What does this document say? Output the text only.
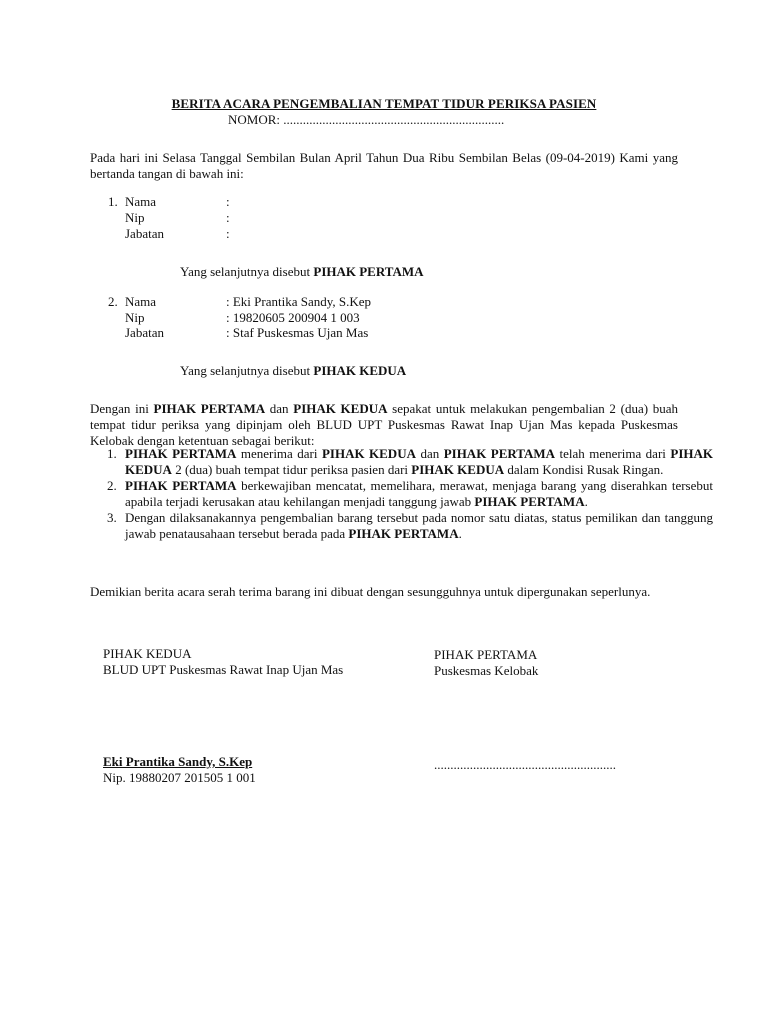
BERITA ACARA PENGEMBALIAN TEMPAT TIDUR PERIKSA PASIEN
NOMOR: ....................................................................
Pada hari ini Selasa Tanggal Sembilan Bulan April Tahun Dua Ribu Sembilan Belas (09-04-2019) Kami yang bertanda tangan di bawah ini:
1. Nama	:
Nip	:
Jabatan	:
Yang selanjutnya disebut PIHAK PERTAMA
2. Nama	: Eki Prantika Sandy, S.Kep
Nip	: 19820605 200904 1 003
Jabatan	: Staf Puskesmas Ujan Mas
Yang selanjutnya disebut PIHAK KEDUA
Dengan ini PIHAK PERTAMA dan PIHAK KEDUA sepakat untuk melakukan pengembalian 2 (dua) buah tempat tidur periksa yang dipinjam oleh BLUD UPT Puskesmas Rawat Inap Ujan Mas kepada Puskesmas Kelobak dengan ketentuan sebagai berikut:
1. PIHAK PERTAMA menerima dari PIHAK KEDUA dan PIHAK PERTAMA telah menerima dari PIHAK KEDUA 2 (dua) buah tempat tidur periksa pasien dari PIHAK KEDUA dalam Kondisi Rusak Ringan.
2. PIHAK PERTAMA berkewajiban mencatat, memelihara, merawat, menjaga barang yang diserahkan tersebut apabila terjadi kerusakan atau kehilangan menjadi tanggung jawab PIHAK PERTAMA.
3. Dengan dilaksanakannya pengembalian barang tersebut pada nomor satu diatas, status pemilikan dan tanggung jawab penatausahaan tersebut berada pada PIHAK PERTAMA.
Demikian berita acara serah terima barang ini dibuat dengan sesungguhnya untuk dipergunakan seperlunya.
PIHAK KEDUA
BLUD UPT Puskesmas Rawat Inap Ujan Mas
PIHAK PERTAMA
Puskesmas Kelobak
Eki Prantika Sandy, S.Kep
Nip. 19880207 201505 1 001
........................................................
